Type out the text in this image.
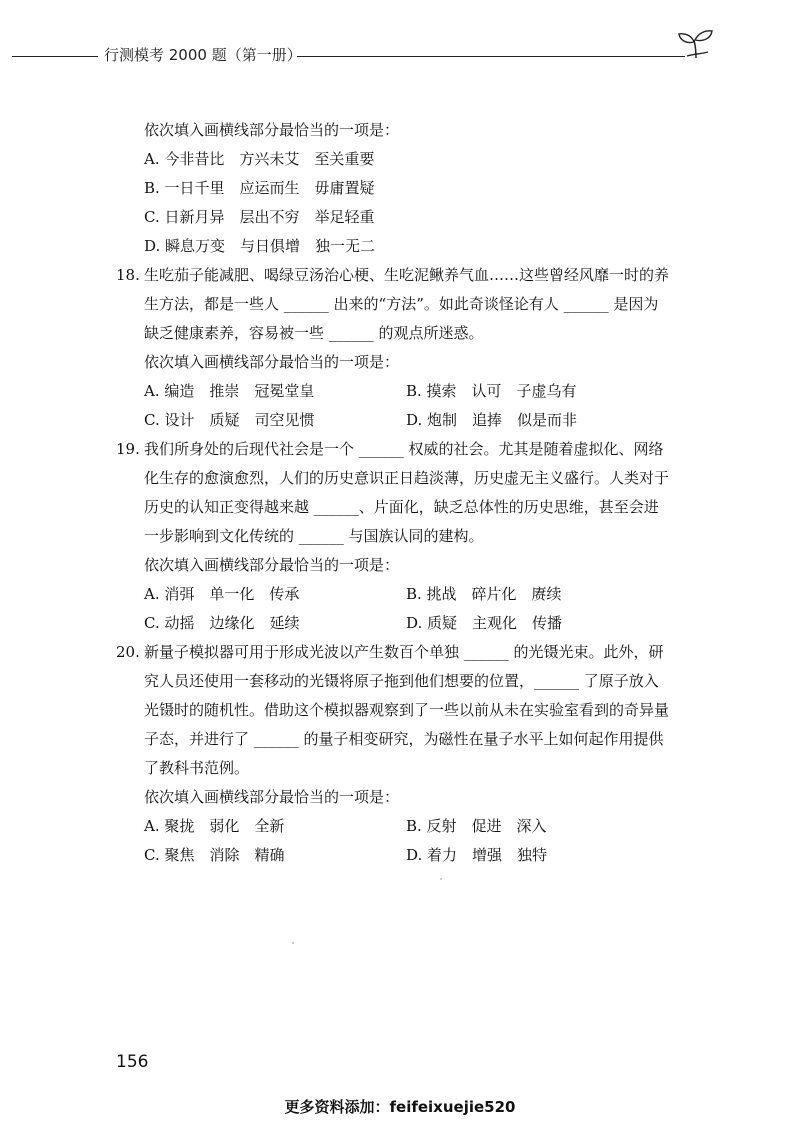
行测模考 2000 题（第一册）
依次填入画横线部分最恰当的一项是：
A. 今非昔比　方兴未艾　至关重要
B. 一日千里　应运而生　毋庸置疑
C. 日新月异　层出不穷　举足轻重
D. 瞬息万变　与日俱增　独一无二
18. 生吃茄子能减肥、喝绿豆汤治心梗、生吃泥鳅养气血……这些曾经风靡一时的养
生方法，都是一些人 ______ 出来的“方法”。如此奇谈怪论有人 ______ 是因为
缺乏健康素养，容易被一些 ______ 的观点所迷惑。
依次填入画横线部分最恰当的一项是：
A. 编造　推崇　冠冕堂皇	B. 摸索　认可　子虚乌有
C. 设计　质疑　司空见惯	D. 炮制　追捧　似是而非
19. 我们所身处的后现代社会是一个 ______ 权威的社会。尤其是随着虚拟化、网络
化生存的愈演愈烈，人们的历史意识正日趋淡薄，历史虚无主义盛行。人类对于
历史的认知正变得越来越 ______、片面化，缺乏总体性的历史思维，甚至会进
一步影响到文化传统的 ______ 与国族认同的建构。
依次填入画横线部分最恰当的一项是：
A. 消弭　单一化　传承	B. 挑战　碎片化　赓续
C. 动摇　边缘化　延续	D. 质疑　主观化　传播
20. 新量子模拟器可用于形成光波以产生数百个单独 ______ 的光镊光束。此外，研
究人员还使用一套移动的光镊将原子拖到他们想要的位置，______ 了原子放入
光镊时的随机性。借助这个模拟器观察到了一些以前从未在实验室看到的奇异量
子态，并进行了 ______ 的量子相变研究，为磁性在量子水平上如何起作用提供
了教科书范例。
依次填入画横线部分最恰当的一项是：
A. 聚拢　弱化　全新	B. 反射　促进　深入
C. 聚焦　消除　精确	D. 着力　增强　独特
156
更多资料添加：feifeixuejie520
